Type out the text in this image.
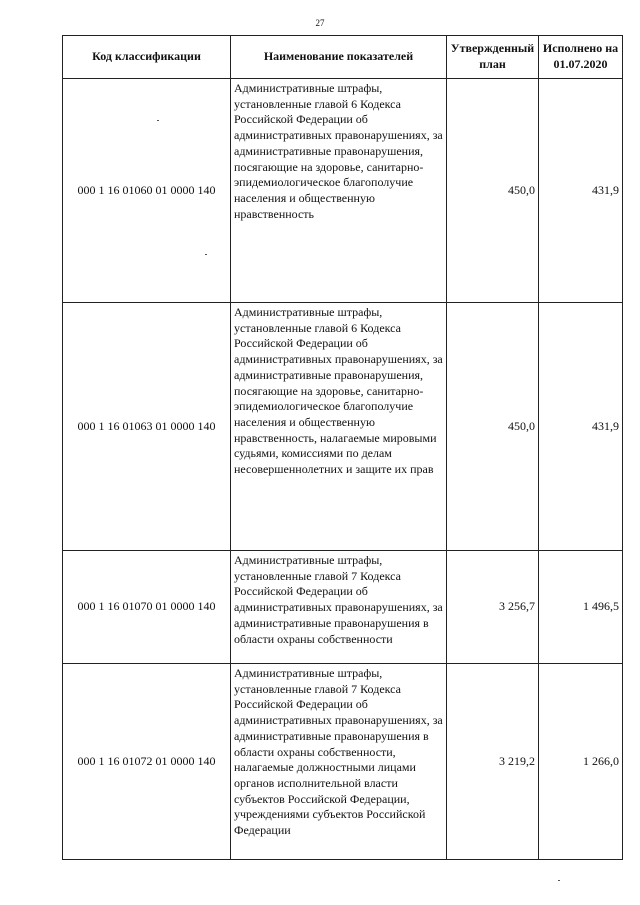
27
Код классификации	Наименование показателей	Утвержденный план	Исполнено на 01.07.2020
000 1 16 01060 01 0000 140	Административные штрафы, установленные главой 6 Кодекса Российской Федерации об административных правонарушениях, за административные правонарушения, посягающие на здоровье, санитарно-эпидемиологическое благополучие населения и общественную нравственность	450,0	431,9
000 1 16 01063 01 0000 140	Административные штрафы, установленные главой 6 Кодекса Российской Федерации об административных правонарушениях, за административные правонарушения, посягающие на здоровье, санитарно-эпидемиологическое благополучие населения и общественную нравственность, налагаемые мировыми судьями, комиссиями по делам несовершеннолетних и защите их прав	450,0	431,9
000 1 16 01070 01 0000 140	Административные штрафы, установленные главой 7 Кодекса Российской Федерации об административных правонарушениях, за административные правонарушения в области охраны собственности	3 256,7	1 496,5
000 1 16 01072 01 0000 140	Административные штрафы, установленные главой 7 Кодекса Российской Федерации об административных правонарушениях, за административные правонарушения в области охраны собственности, налагаемые должностными лицами органов исполнительной власти субъектов Российской Федерации, учреждениями субъектов Российской Федерации	3 219,2	1 266,0
